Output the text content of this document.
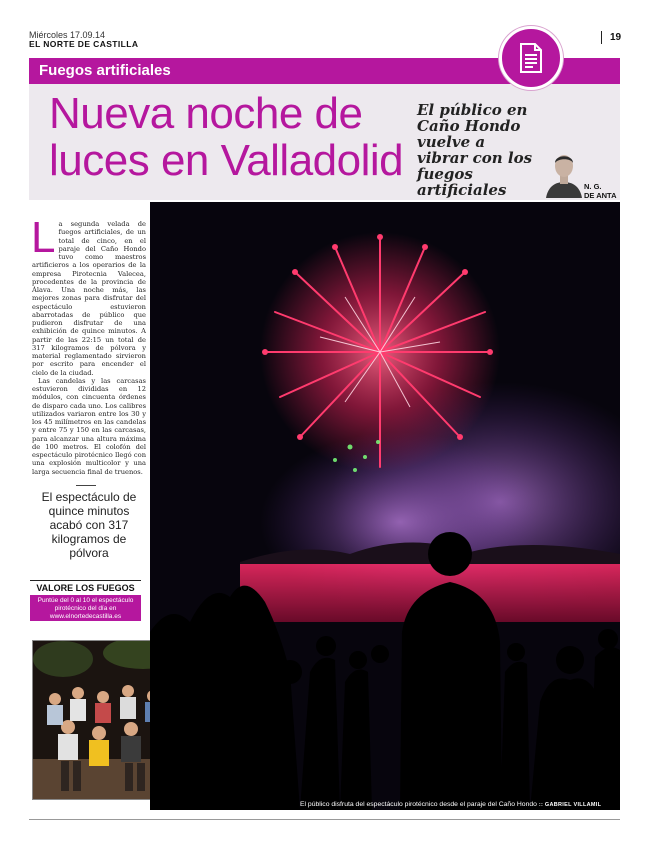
Miércoles 17.09.14
EL NORTE DE CASTILLA
19
Fuegos artificiales
Nueva noche de
luces en Valladolid
El público en Caño Hondo vuelve a vibrar con los fuegos artificiales	N. G.
DE ANTA

La segunda velada de fuegos artificiales, de un total de cinco, en el paraje del Caño Hondo tuvo como maestros artificieros a los operarios de la empresa Pirotecnia Valecea, procedentes de la provincia de Álava. Una noche más, las mejores zonas para disfrutar del espectáculo estuvieron abarrotadas de público que pudieron disfrutar de una exhibición de quince minutos. A partir de las 22:15 un total de 317 kilogramos de pólvora y material reglamentado sirvieron por escrito para encender el cielo de la ciudad.

Las candelas y las carcasas estuvieron divididas en 12 módulos, con cincuenta órdenes de disparo cada uno. Los calibres utilizados variaron entre los 30 y los 45 milímetros en las candelas y entre 75 y 150 en las carcasas, para alcanzar una altura máxima de 100 metros. El colofón del espectáculo pirotécnico llegó con una explosión multicolor y una larga secuencia final de truenos.

El espectáculo de quince minutos acabó con 317 kilogramos de pólvora
VALORE LOS FUEGOS
Puntúe del 0 al 10 el espectáculo
pirotécnico del día en
www.elnortedecastilla.es
El público disfruta del espectáculo pirotécnico desde el paraje del Caño Hondo :: GABRIEL VILLAMIL
